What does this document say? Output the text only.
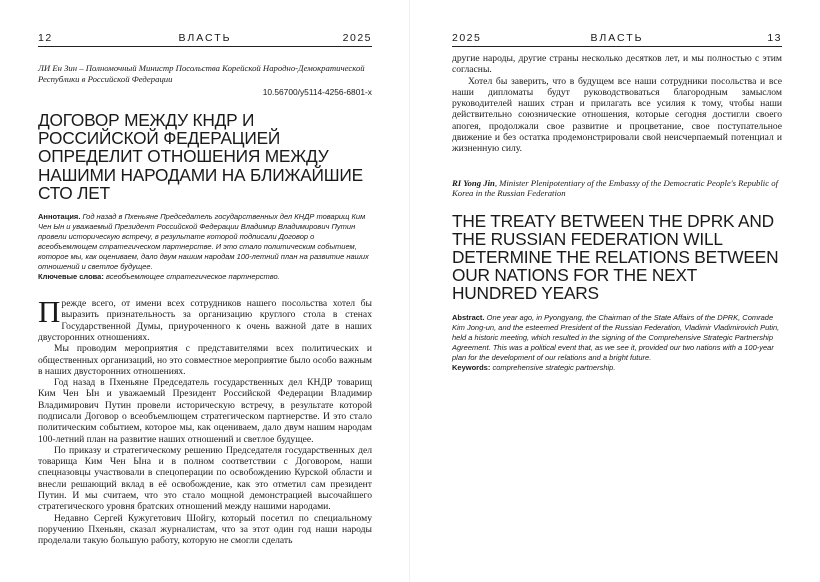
12	ВЛАСТЬ	2025
ЛИ Ен Зин – Полномочный Министр Посольства Корейской Народно-Демократической Республики в Российской Федерации
10.56700/у5114-4256-6801-х
ДОГОВОР МЕЖДУ КНДР И РОССИЙСКОЙ ФЕДЕРАЦИЕЙ ОПРЕДЕЛИТ ОТНОШЕНИЯ МЕЖДУ НАШИМИ НАРОДАМИ НА БЛИЖАЙШИЕ СТО ЛЕТ
Аннотация. Год назад в Пхеньяне Председатель государственных дел КНДР товарищ Ким Чен Ын и уважаемый Президент Российской Федерации Владимир Владимирович Путин провели историческую встречу, в результате которой подписали Договор о всеобъемлющем стратегическом партнерстве. И это стало политическим событием, которое мы, как оцениваем, дало двум нашим народам 100-летний план на развитие наших отношений и светлое будущее.
Ключевые слова: всеобъемлющее стратегическое партнерство.

Прежде всего, от имени всех сотрудников нашего посольства хотел бы выразить признательность за организацию круглого стола в стенах Государственной Думы, приуроченного к очень важной дате в наших двусторонних отношениях.

Мы проводим мероприятия с представителями всех политических и общественных организаций, но это совместное мероприятие было особо важным в наших двусторонних отношениях.

Год назад в Пхеньяне Председатель государственных дел КНДР товарищ Ким Чен Ын и уважаемый Президент Российской Федерации Владимир Владимирович Путин провели историческую встречу, в результате которой подписали Договор о всеобъемлющем стратегическом партнерстве. И это стало политическим событием, которое мы, как оцениваем, дало двум нашим народам 100-летний план на развитие наших отношений и светлое будущее.

По приказу и стратегическому решению Председателя государственных дел товарища Ким Чен Ына и в полном соответствии с Договором, наши спецназовцы участвовали в спецоперации по освобождению Курской области и внесли решающий вклад в её освобождение, как это отметил сам президент Путин. И мы считаем, что это стало мощной демонстрацией высочайшего стратегического уровня братских отношений между нашими народами.

Недавно Сергей Кужугетович Шойгу, который посетил по специальному поручению Пхеньян, сказал журналистам, что за этот один год наши народы проделали такую большую работу, которую не смогли сделать

2025	ВЛАСТЬ	13

другие народы, другие страны несколько десятков лет, и мы полностью с этим согласны.

Хотел бы заверить, что в будущем все наши сотрудники посольства и все наши дипломаты будут руководствоваться благородным замыслом руководителей наших стран и прилагать все усилия к тому, чтобы наши действительно союзнические отношения, которые сегодня достигли своего апогея, продолжали свое развитие и процветание, свое поступательное движение и без остатка продемонстрировали свой неисчерпаемый потенциал и жизненную силу.

RI Yong Jin, Minister Plenipotentiary of the Embassy of the Democratic People's Republic of Korea in the Russian Federation
THE TREATY BETWEEN THE DPRK AND THE RUSSIAN FEDERATION WILL DETERMINE THE RELATIONS BETWEEN OUR NATIONS FOR THE NEXT HUNDRED YEARS
Abstract. One year ago, in Pyongyang, the Chairman of the State Affairs of the DPRK, Comrade Kim Jong-un, and the esteemed President of the Russian Federation, Vladimir Vladimirovich Putin, held a historic meeting, which resulted in the signing of the Comprehensive Strategic Partnership Agreement. This was a political event that, as we see it, provided our two nations with a 100-year plan for the development of our relations and a bright future.
Keywords: comprehensive strategic partnership.
